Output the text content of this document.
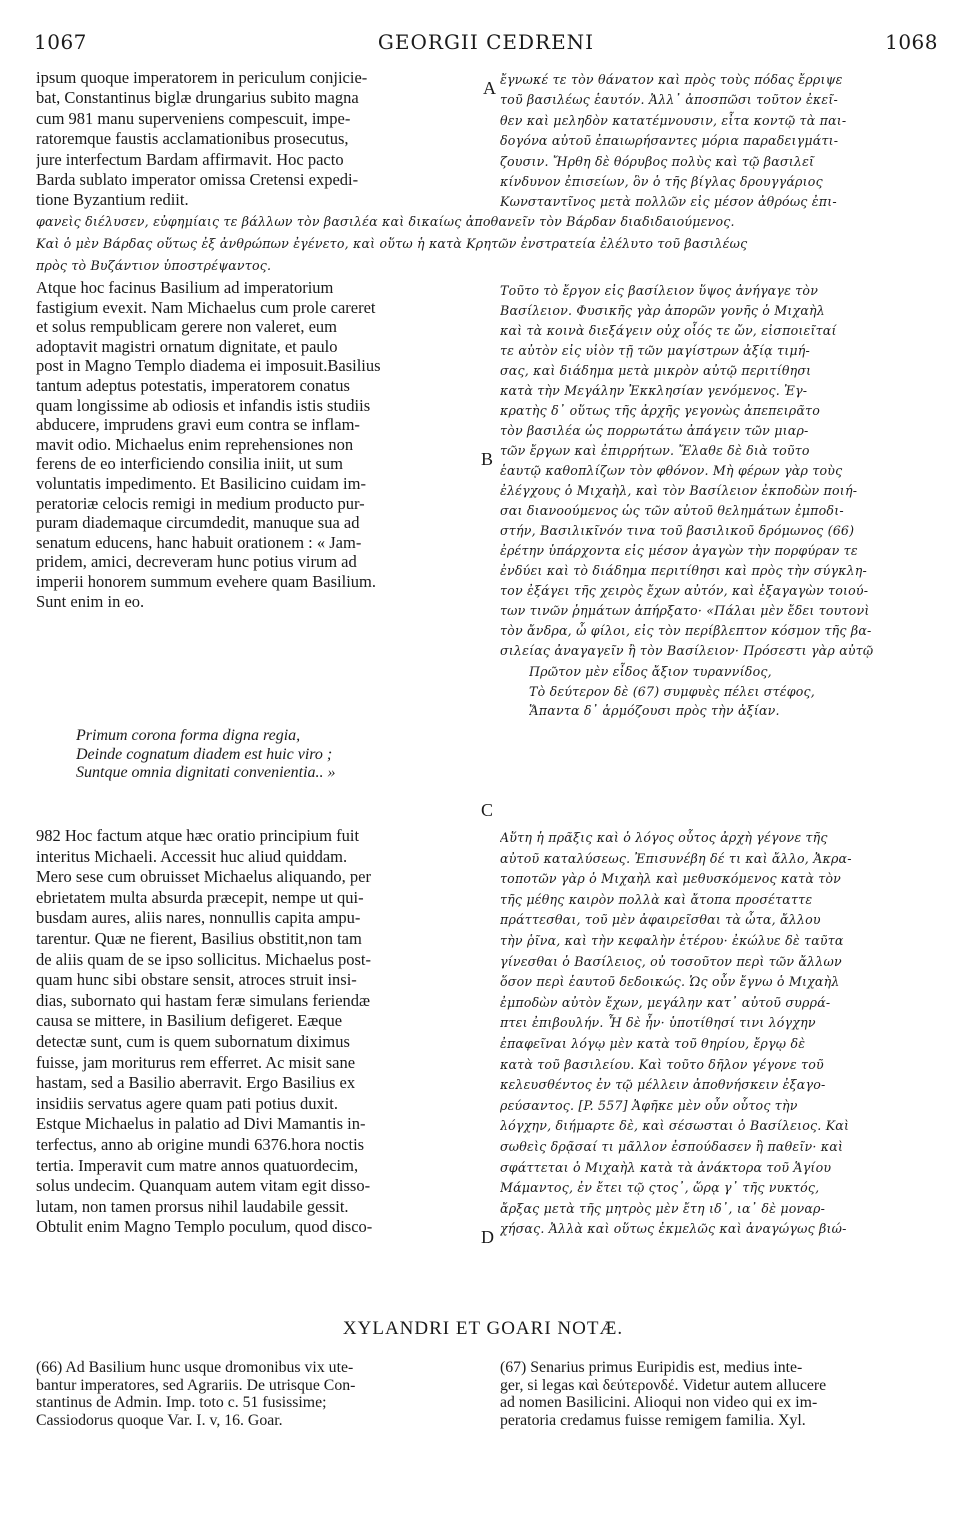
1067	GEORGII CEDRENI	1068
A
B
C
D
ipsum quoque imperatorem in periculum conjicie-
bat, Constantinus biglæ drungarius subito magna
cum 981 manu superveniens compescuit, impe-
ratoremque faustis acclamationibus prosecutus,
jure interfectum Bardam affirmavit. Hoc pacto
Barda sublato imperator omissa Cretensi expedi-
tione Byzantium rediit.
ἔγνωκέ τε τὸν θάνατον καὶ πρὸς τοὺς πόδας ἔρριψε
τοῦ βασιλέως ἑαυτόν. Ἀλλ᾽ ἀποσπῶσι τοῦτον ἐκεῖ-
θεν καὶ μεληδὸν κατατέμνουσιν, εἶτα κοντῷ τὰ παι-
δογόνα αὐτοῦ ἐπαιωρήσαντες μόρια παραδειγμάτι-
ζουσιν. Ἤρθη δὲ θόρυβος πολὺς καὶ τῷ βασιλεῖ
κίνδυνον ἐπισείων, ὃν ὁ τῆς βίγλας δρουγγάριος
Κωνσταντῖνος μετὰ πολλῶν εἰς μέσον ἀθρόως ἐπι-
φανεὶς διέλυσεν, εὐφημίαις τε βάλλων τὸν βασιλέα καὶ δικαίως ἀποθανεῖν τὸν Βάρδαν διαδιδαιούμενος.
Καὶ ὁ μὲν Βάρδας οὕτως ἐξ ἀνθρώπων ἐγένετο, καὶ οὕτω ἡ κατὰ Κρητῶν ἐνστρατεία ἐλέλυτο τοῦ βασιλέως
πρὸς τὸ Βυζάντιον ὑποστρέψαντος.
Atque hoc facinus Basilium ad imperatorium
fastigium evexit. Nam Michaelus cum prole careret
et solus rempublicam gerere non valeret, eum
adoptavit magistri ornatum dignitate, et paulo
post in Magno Templo diadema ei imposuit.Basilius
tantum adeptus potestatis, imperatorem conatus
quam longissime ab odiosis et infandis istis studiis
abducere, imprudens gravi eum contra se inflam-
mavit odio. Michaelus enim reprehensiones non
ferens de eo interficiendo consilia iniit, ut sum
voluntatis impedimento. Et Basilicino cuidam im-
peratoriæ celocis remigi in medium producto pur-
puram diademaque circumdedit, manuque sua ad
senatum educens, hanc habuit orationem : « Jam-
pridem, amici, decreveram hunc potius virum ad
imperii honorem summum evehere quam Basilium.
Sunt enim in eo.
Primum corona forma digna regia,
Deinde cognatum diadem est huic viro ;
Suntque omnia dignitati convenientia.. »
982 Hoc factum atque hæc oratio principium fuit
interitus Michaeli. Accessit huc aliud quiddam.
Mero sese cum obruisset Michaelus aliquando, per
ebrietatem multa absurda præcepit, nempe ut qui-
busdam aures, aliis nares, nonnullis capita ampu-
tarentur. Quæ ne fierent, Basilius obstitit,non tam
de aliis quam de se ipso sollicitus. Michaelus post-
quam hunc sibi obstare sensit, atroces struit insi-
dias, subornato qui hastam feræ simulans feriendæ
causa se mittere, in Basilium defigeret. Eæque
detectæ sunt, cum is quem subornatum diximus
fuisse, jam moriturus rem efferret. Ac misit sane
hastam, sed a Basilio aberravit. Ergo Basilius ex
insidiis servatus agere quam pati potius duxit.
Estque Michaelus in palatio ad Divi Mamantis in-
terfectus, anno ab origine mundi 6376.hora noctis
tertia. Imperavit cum matre annos quatuordecim,
solus undecim. Quanquam autem vitam egit disso-
lutam, non tamen prorsus nihil laudabile gessit.
Obtulit enim Magno Templo poculum, quod disco-
Τοῦτο τὸ ἔργον εἰς βασίλειον ὕψος ἀνήγαγε τὸν
Βασίλειον. Φυσικῆς γὰρ ἀπορῶν γονῆς ὁ Μιχαὴλ
καὶ τὰ κοινὰ διεξάγειν οὐχ οἷός τε ὤν, εἰσποιεῖταί
τε αὐτὸν εἰς υἱὸν τῇ τῶν μαγίστρων ἀξίᾳ τιμή-
σας, καὶ διάδημα μετὰ μικρὸν αὐτῷ περιτίθησι
κατὰ τὴν Μεγάλην Ἐκκλησίαν γενόμενος. Ἐγ-
κρατὴς δ᾽ οὕτως τῆς ἀρχῆς γεγονὼς ἀπεπειρᾶτο
τὸν βασιλέα ὡς πορρωτάτω ἀπάγειν τῶν μιαρ-
τῶν ἔργων καὶ ἐπιρρήτων. Ἔλαθε δὲ διὰ τοῦτο
ἑαυτῷ καθοπλίζων τὸν φθόνον. Μὴ φέρων γὰρ τοὺς
ἐλέγχους ὁ Μιχαὴλ, καὶ τὸν Βασίλειον ἐκποδὼν ποιή-
σαι διανοούμενος ὡς τῶν αὐτοῦ θελημάτων ἐμποδι-
στήν, Βασιλικῖνόν τινα τοῦ βασιλικοῦ δρόμωνος (66)
ἐρέτην ὑπάρχοντα εἰς μέσον ἀγαγὼν τὴν πορφύραν τε
ἐνδύει καὶ τὸ διάδημα περιτίθησι καὶ πρὸς τὴν σύγκλη-
τον ἐξάγει τῆς χειρὸς ἔχων αὐτόν, καὶ ἐξαγαγὼν τοιού-
των τινῶν ῥημάτων ἀπήρξατο· «Πάλαι μὲν ἔδει τουτονὶ
τὸν ἄνδρα, ὦ φίλοι, εἰς τὸν περίβλεπτον κόσμον τῆς βα-
σιλείας ἀναγαγεῖν ἢ τὸν Βασίλειον· Πρόσεστι γὰρ αὐτῷ
Πρῶτον μὲν εἶδος ἄξιον τυραννίδος,
Τὸ δεύτερον δὲ (67) συμφυὲς πέλει στέφος,
Ἅπαντα δ᾽ ἁρμόζουσι πρὸς τὴν ἀξίαν.
Αὕτη ἡ πρᾶξις καὶ ὁ λόγος οὗτος ἀρχὴ γέγονε τῆς
αὐτοῦ καταλύσεως. Ἐπισυνέβη δέ τι καὶ ἄλλο, Ἀκρα-
τοποτῶν γὰρ ὁ Μιχαὴλ καὶ μεθυσκόμενος κατὰ τὸν
τῆς μέθης καιρὸν πολλὰ καὶ ἄτοπα προσέταττε
πράττεσθαι, τοῦ μὲν ἀφαιρεῖσθαι τὰ ὦτα, ἄλλου
τὴν ῥῖνα, καὶ τὴν κεφαλὴν ἑτέρου· ἐκώλυε δὲ ταῦτα
γίνεσθαι ὁ Βασίλειος, οὐ τοσοῦτον περὶ τῶν ἄλλων
ὅσον περὶ ἑαυτοῦ δεδοικώς. Ὡς οὖν ἔγνω ὁ Μιχαὴλ
ἐμποδὼν αὐτὸν ἔχων, μεγάλην κατ᾽ αὐτοῦ συρρά-
πτει ἐπιβουλήν. Ἦ δὲ ἦν· ὑποτίθησί τινι λόγχην
ἐπαφεῖναι λόγῳ μὲν κατὰ τοῦ θηρίου, ἔργῳ δὲ
κατὰ τοῦ βασιλείου. Καὶ τοῦτο δῆλον γέγονε τοῦ
κελευσθέντος ἐν τῷ μέλλειν ἀποθνήσκειν ἐξαγο-
ρεύσαντος. [P. 557] Ἀφῆκε μὲν οὖν οὗτος τὴν
λόγχην, διήμαρτε δὲ, καὶ σέσωσται ὁ Βασίλειος. Καὶ
σωθεὶς δρᾷσαί τι μᾶλλον ἐσπούδασεν ἢ παθεῖν· καὶ
σφάττεται ὁ Μιχαὴλ κατὰ τὰ ἀνάκτορα τοῦ Ἁγίου
Μάμαντος, ἐν ἔτει τῷ ςτος᾽, ὥρᾳ γ᾽ τῆς νυκτός,
ἄρξας μετὰ τῆς μητρὸς μὲν ἔτη ιδ᾽, ια᾽ δὲ μοναρ-
χήσας. Ἀλλὰ καὶ οὕτως ἐκμελῶς καὶ ἀναγώγως βιώ-
(66) Ad Basilium hunc usque dromonibus vix ute-
bantur imperatores, sed Agrariis. De utrisque Con-
stantinus de Admin. Imp. toto c. 51 fusissime;
Cassiodorus quoque Var. I. v, 16. Goar.
(67) Senarius primus Euripidis est, medius inte-
ger, si legas καὶ δεύτερονδέ. Videtur autem allucere
ad nomen Basilicini. Alioqui non video qui ex im-
peratoria credamus fuisse remigem familia. Xyl.
XYLANDRI ET GOARI NOTÆ.
